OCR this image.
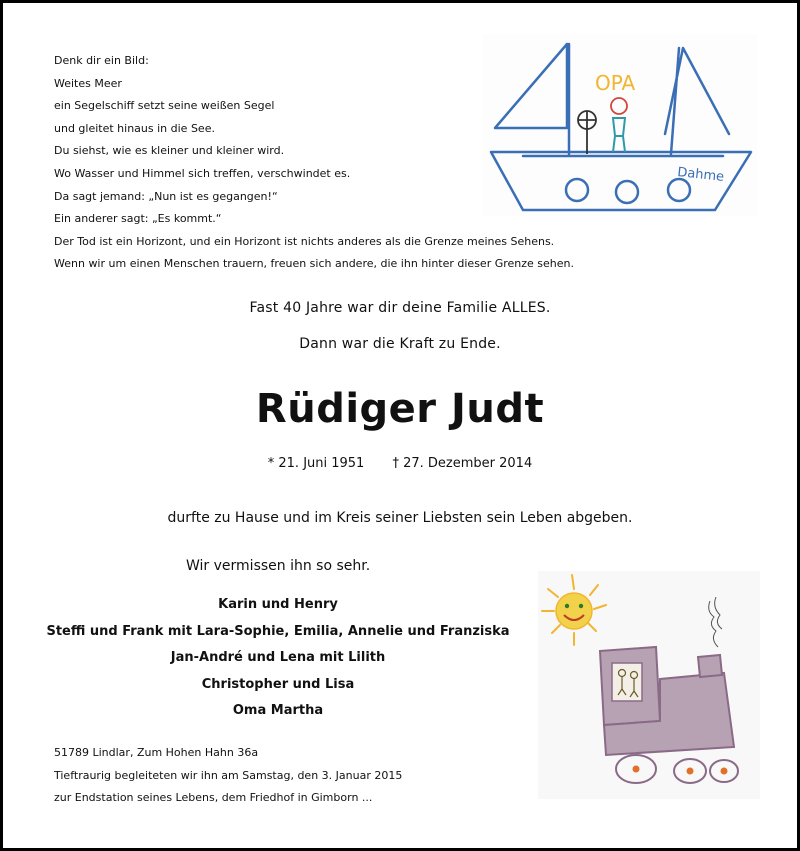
Denk dir ein Bild:
Weites Meer
ein Segelschiff setzt seine weißen Segel
und gleitet hinaus in die See.
Du siehst, wie es kleiner und kleiner wird.
Wo Wasser und Himmel sich treffen, verschwindet es.
Da sagt jemand: „Nun ist es gegangen!“
Ein anderer sagt: „Es kommt.“
Der Tod ist ein Horizont, und ein Horizont ist nichts anderes als die Grenze meines Sehens.
Wenn wir um einen Menschen trauern, freuen sich andere, die ihn hinter dieser Grenze sehen.
OPA
Dahme
Fast 40 Jahre war dir deine Familie ALLES.
Dann war die Kraft zu Ende.
Rüdiger Judt
* 21. Juni 1951 † 27. Dezember 2014
durfte zu Hause und im Kreis seiner Liebsten sein Leben abgeben.
Wir vermissen ihn so sehr.
Karin und Henry
Steffi und Frank mit Lara-Sophie, Emilia, Annelie und Franziska
Jan-André und Lena mit Lilith
Christopher und Lisa
Oma Martha
51789 Lindlar, Zum Hohen Hahn 36a
Tieftraurig begleiteten wir ihn am Samstag, den 3. Januar 2015
zur Endstation seines Lebens, dem Friedhof in Gimborn ...
